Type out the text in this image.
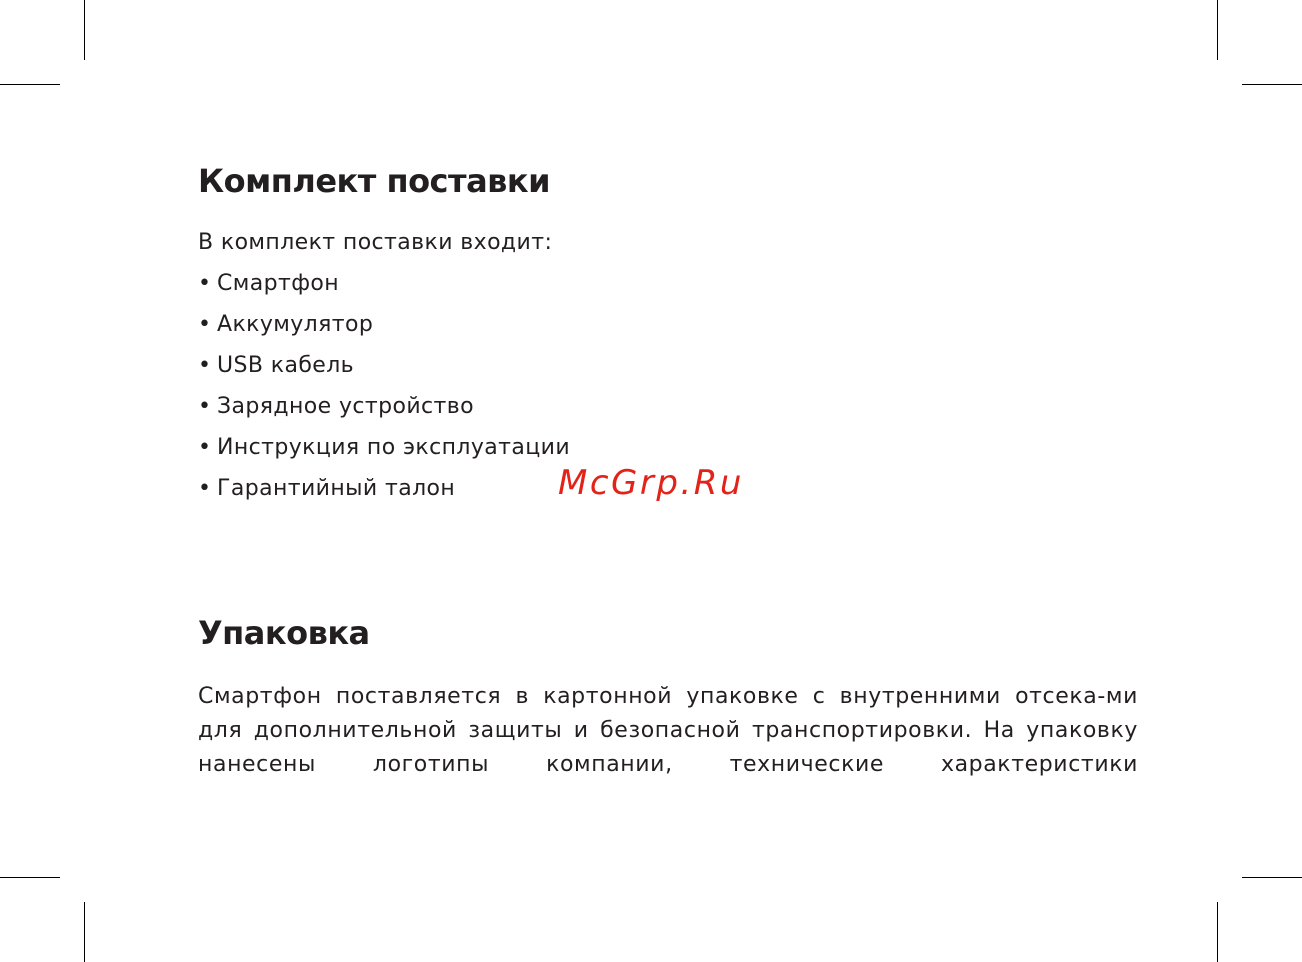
Комплект поставки

В комплект поставки входит:

• Смартфон
• Аккумулятор
• USB кабель
• Зарядное устройство
• Инструкция по эксплуатации
• Гарантийный талон
Упаковка

Смартфон поставляется в картонной упаковке с внутренними отсека-ми для дополнительной защиты и безопасной транспортировки. На упаковку нанесены логотипы компании, технические характеристики

McGrp.Ru
